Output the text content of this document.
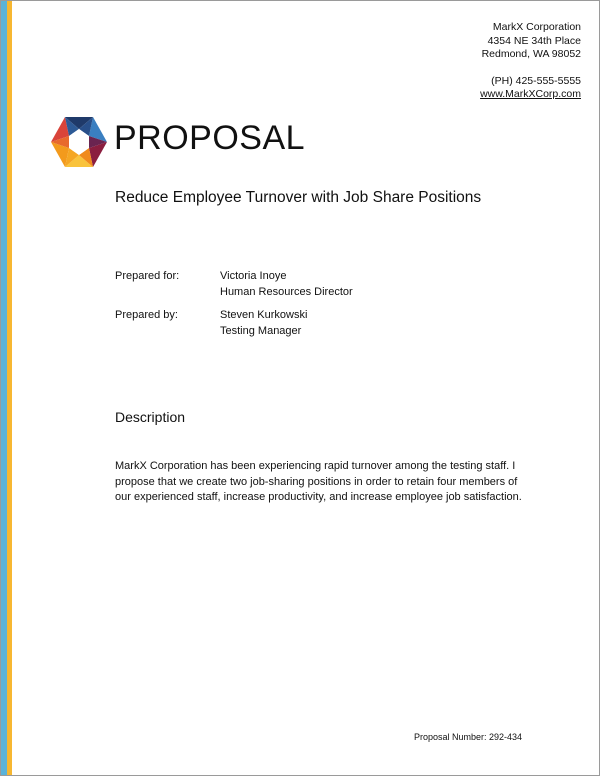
MarkX Corporation
4354 NE 34th Place
Redmond, WA 98052
(PH) 425-555-5555
www.MarkXCorp.com
PROPOSAL
Reduce Employee Turnover with Job Share Positions
Prepared for:	Victoria Inoye
Human Resources Director
Prepared by:	Steven Kurkowski
Testing Manager
Description
MarkX Corporation has been experiencing rapid turnover among the testing staff. I propose that we create two job-sharing positions in order to retain four members of our experienced staff, increase productivity, and increase employee job satisfaction.
Proposal Number: 292-434
